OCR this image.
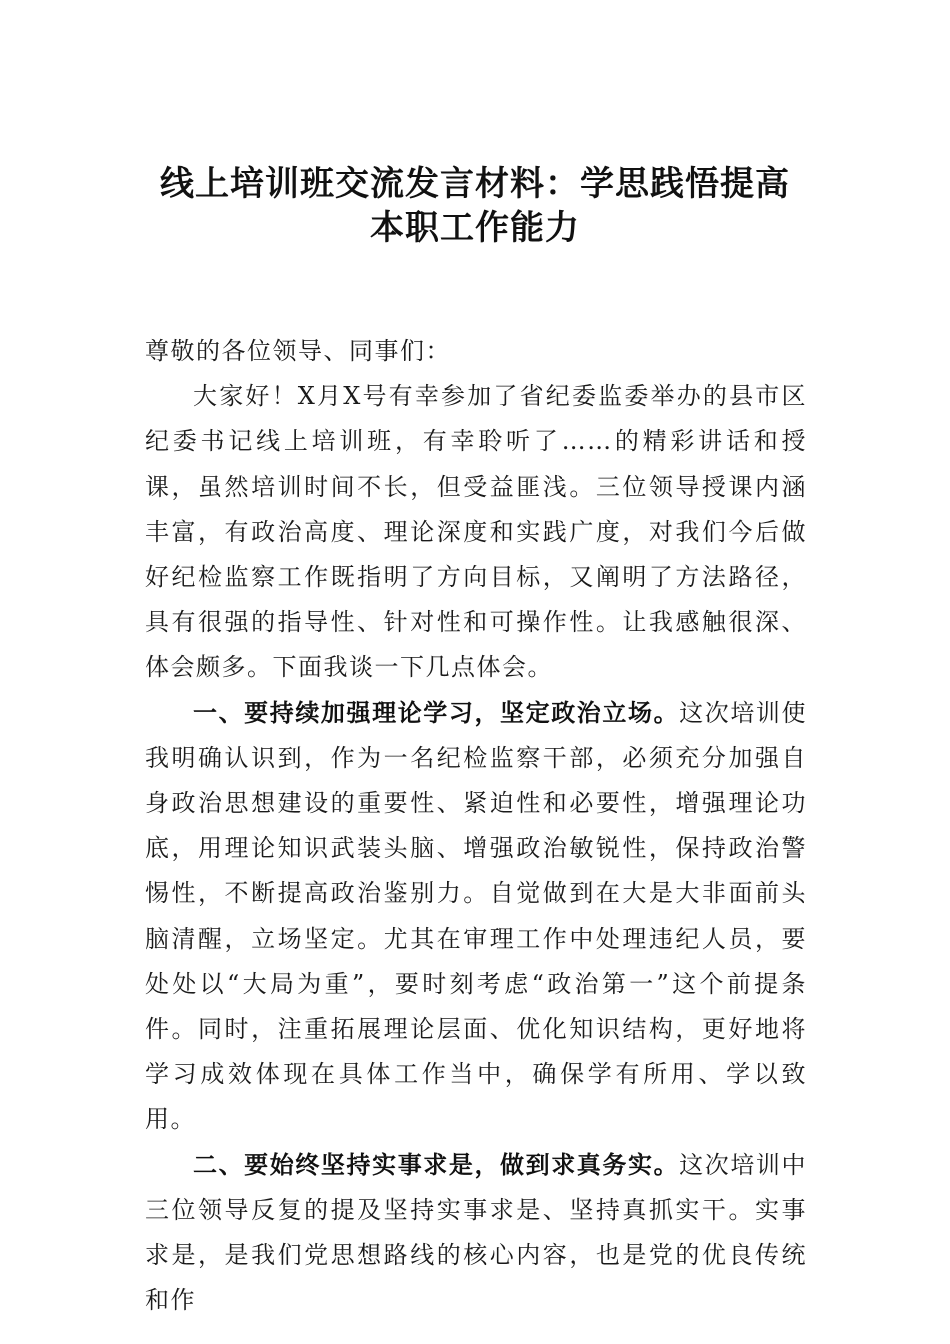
线上培训班交流发言材料：学思践悟提高
本职工作能力

尊敬的各位领导、同事们：

大家好！X月X号有幸参加了省纪委监委举办的县市区纪委书记线上培训班，有幸聆听了……的精彩讲话和授课，虽然培训时间不长，但受益匪浅。三位领导授课内涵丰富，有政治高度、理论深度和实践广度，对我们今后做好纪检监察工作既指明了方向目标，又阐明了方法路径，具有很强的指导性、针对性和可操作性。让我感触很深、体会颇多。下面我谈一下几点体会。

一、要持续加强理论学习，坚定政治立场。这次培训使我明确认识到，作为一名纪检监察干部，必须充分加强自身政治思想建设的重要性、紧迫性和必要性，增强理论功底，用理论知识武装头脑、增强政治敏锐性，保持政治警惕性，不断提高政治鉴别力。自觉做到在大是大非面前头脑清醒，立场坚定。尤其在审理工作中处理违纪人员，要处处以“大局为重”，要时刻考虑“政治第一”这个前提条件。同时，注重拓展理论层面、优化知识结构，更好地将学习成效体现在具体工作当中，确保学有所用、学以致用。

二、要始终坚持实事求是，做到求真务实。这次培训中三位领导反复的提及坚持实事求是、坚持真抓实干。实事求是，是我们党思想路线的核心内容，也是党的优良传统和作
